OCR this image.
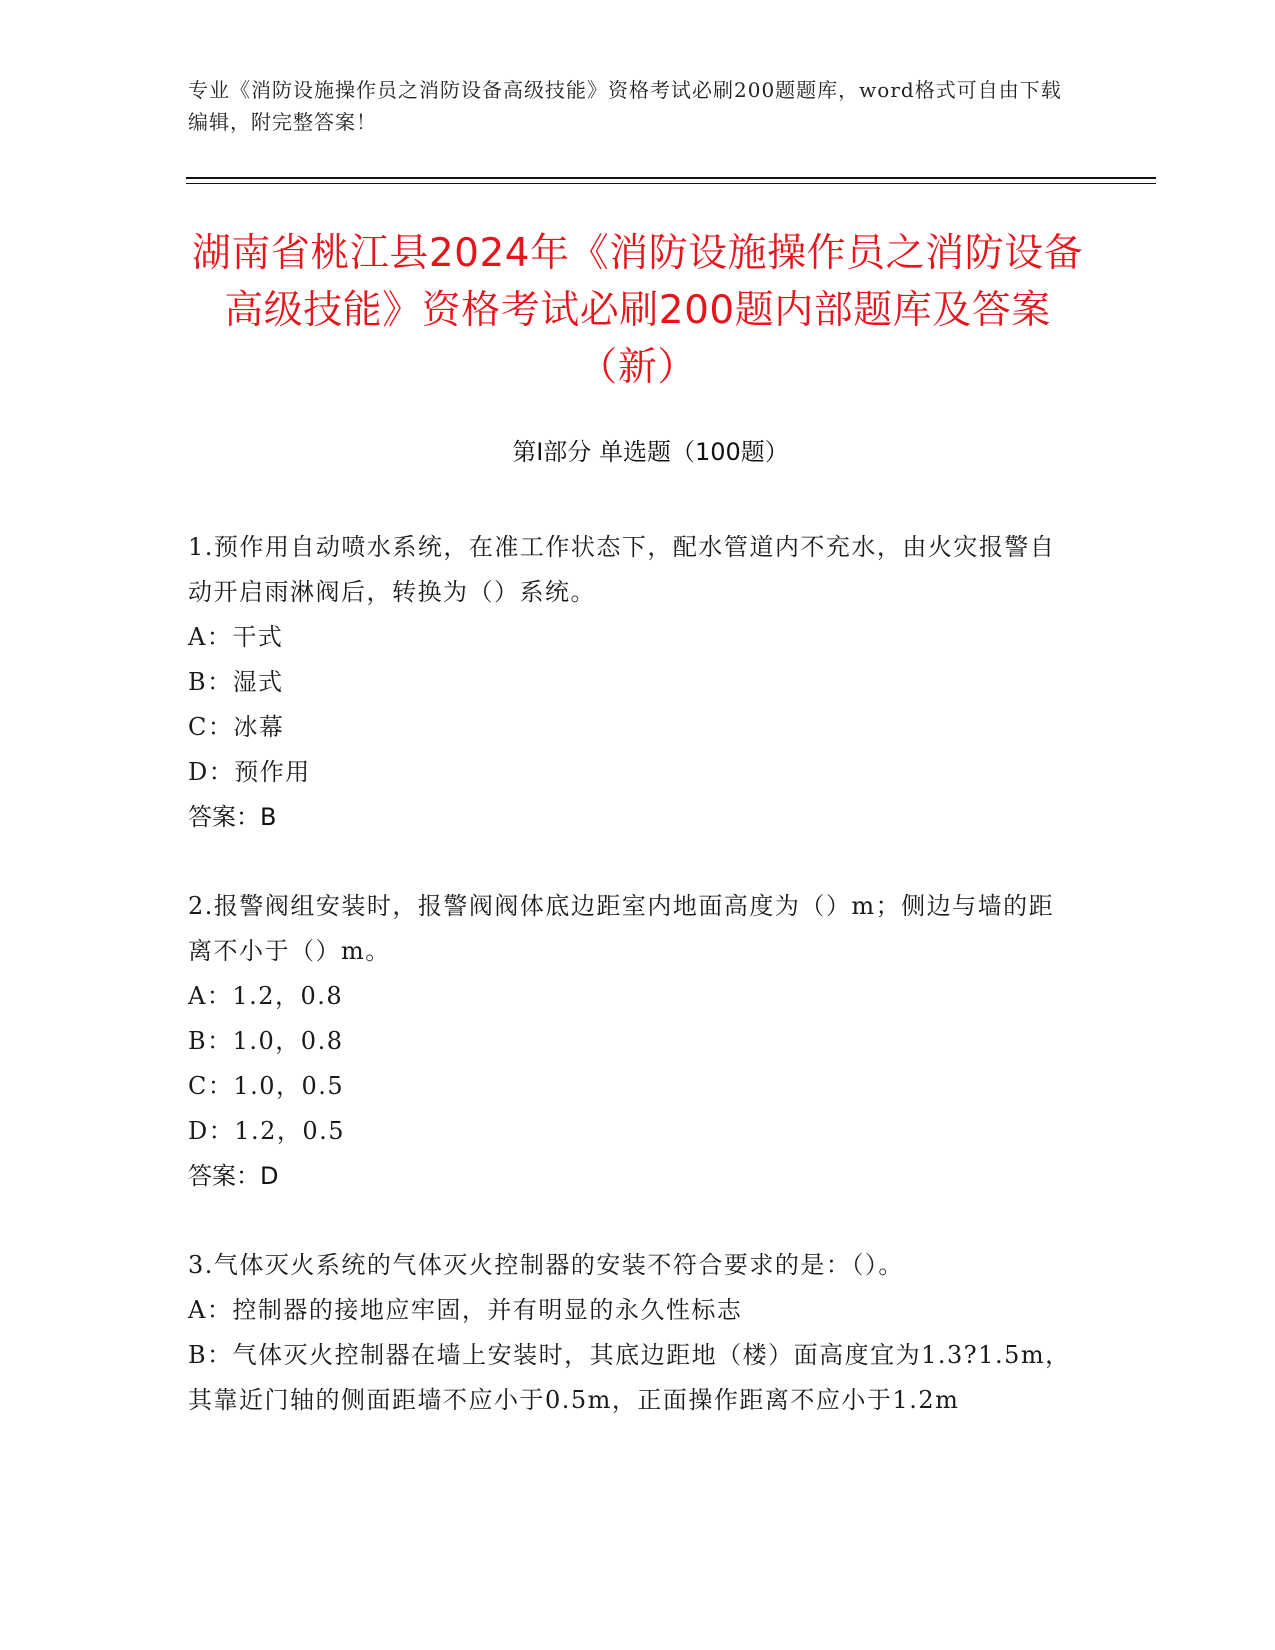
专业《消防设施操作员之消防设备高级技能》资格考试必刷200题题库，word格式可自由下载编辑，附完整答案！
湖南省桃江县2024年《消防设施操作员之消防设备高级技能》资格考试必刷200题内部题库及答案（新）
第Ⅰ部分 单选题（100题）

1.预作用自动喷水系统，在准工作状态下，配水管道内不充水，由火灾报警自动开启雨淋阀后，转换为（）系统。

A：干式

B：湿式

C：冰幕

D：预作用

答案：B

2.报警阀组安装时，报警阀阀体底边距室内地面高度为（）m；侧边与墙的距离不小于（）m。

A：1.2，0.8

B：1.0，0.8

C：1.0，0.5

D：1.2，0.5

答案：D

3.气体灭火系统的气体灭火控制器的安装不符合要求的是：（）。

A：控制器的接地应牢固，并有明显的永久性标志

B：气体灭火控制器在墙上安装时，其底边距地（楼）面高度宜为1.3?1.5m，其靠近门轴的侧面距墙不应小于0.5m，正面操作距离不应小于1.2m
